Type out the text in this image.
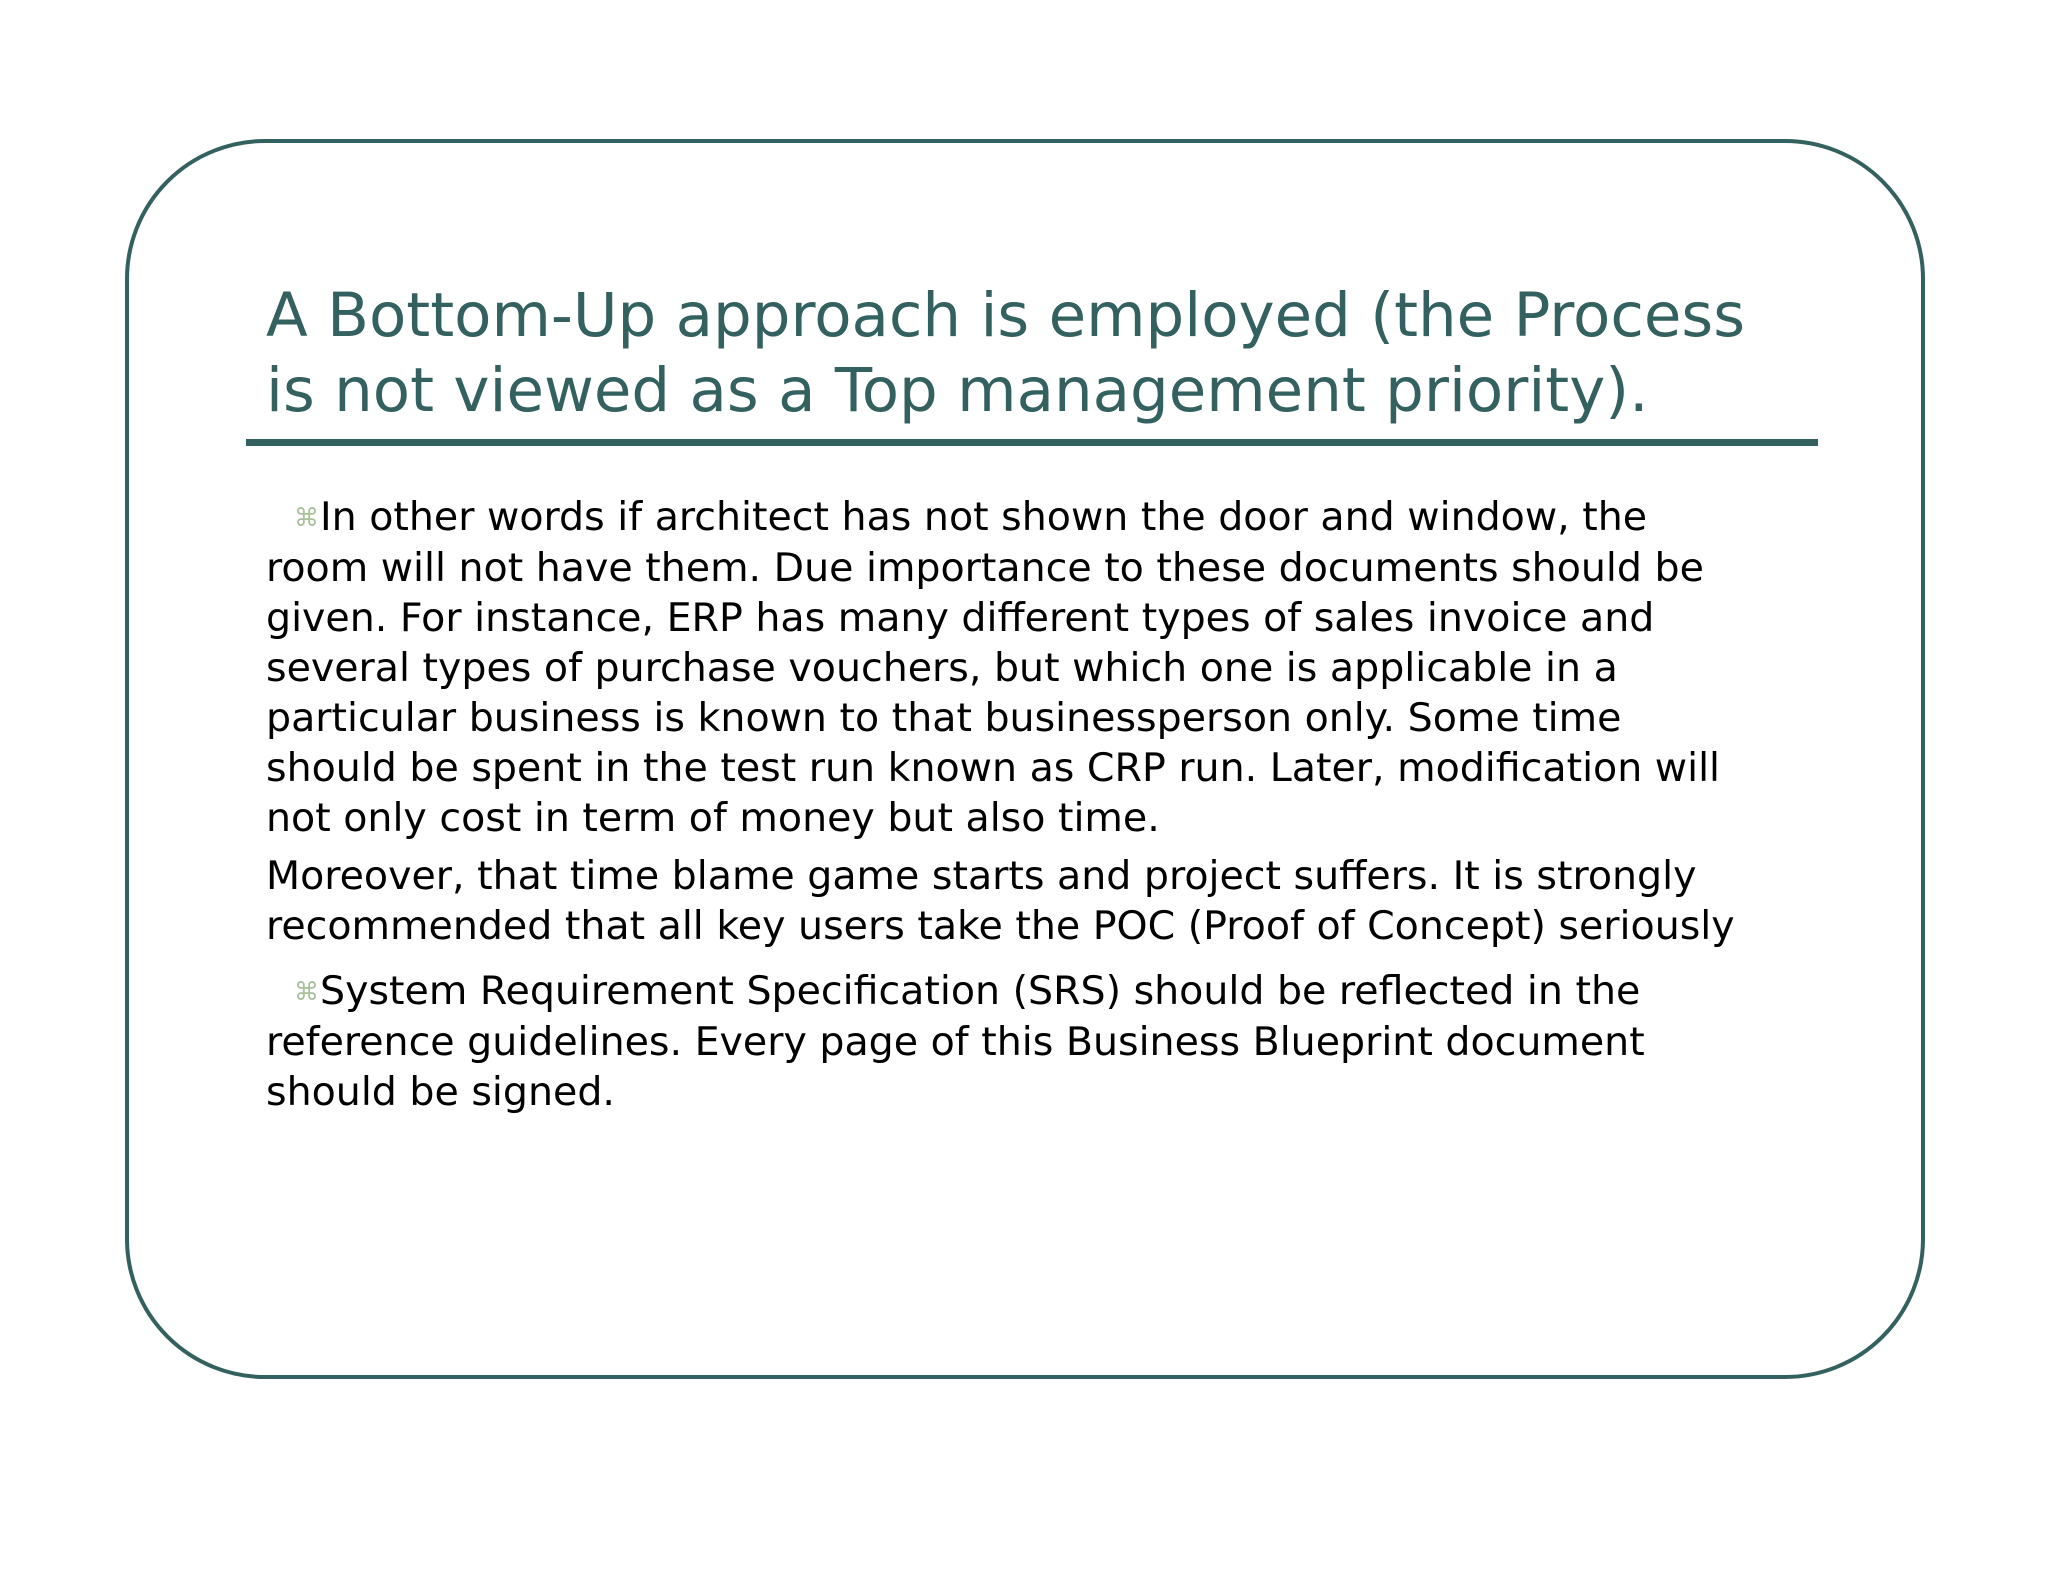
A Bottom-Up approach is employed (the Process
is not viewed as a Top management priority).

⌘In other words if architect has not shown the door and window, the

room will not have them. Due importance to these documents should be

given. For instance, ERP has many different types of sales invoice and

several types of purchase vouchers, but which one is applicable in a

particular business is known to that businessperson only. Some time

should be spent in the test run known as CRP run. Later, modification will

not only cost in term of money but also time.

Moreover, that time blame game starts and project suffers. It is strongly

recommended that all key users take the POC (Proof of Concept) seriously

⌘System Requirement Specification (SRS) should be reflected in the

reference guidelines. Every page of this Business Blueprint document

should be signed.
